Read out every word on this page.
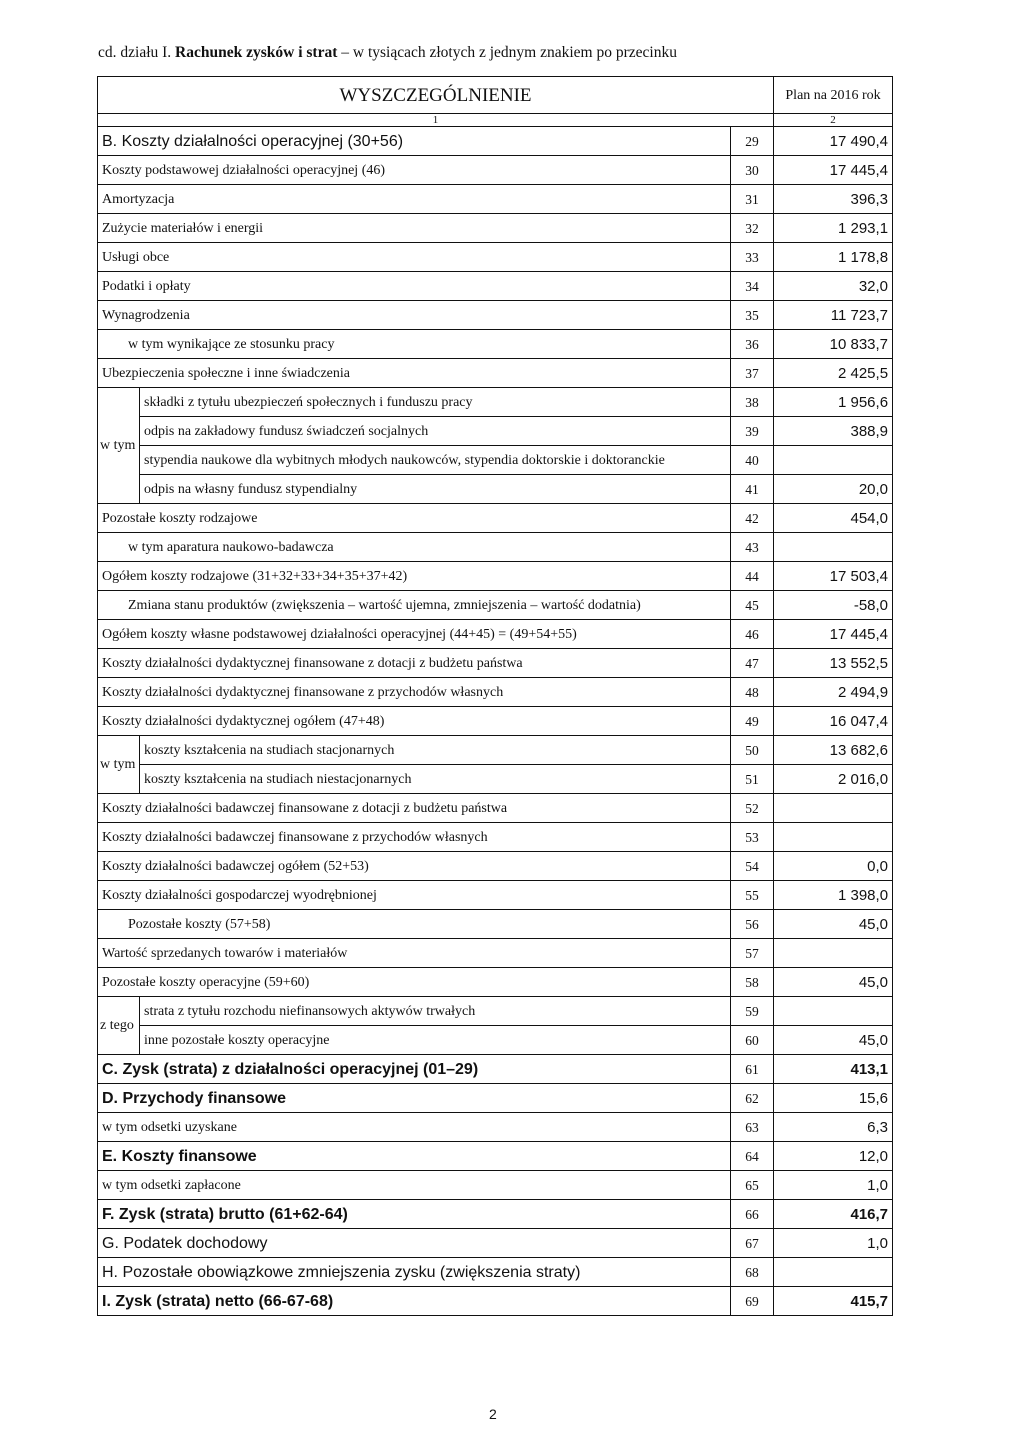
cd. działu I. Rachunek zysków i strat – w tysiącach złotych z jednym znakiem po przecinku
WYSZCZEGÓLNIENIE			Plan na 2016 rok
1			2
B. Koszty działalności operacyjnej (30+56)		29	17 490,4
Koszty podstawowej działalności operacyjnej (46)		30	17 445,4
Amortyzacja		31	396,3
Zużycie materiałów i energii		32	1 293,1
Usługi obce		33	1 178,8
Podatki i opłaty		34	32,0
Wynagrodzenia		35	11 723,7
w tym wynikające ze stosunku pracy		36	10 833,7
Ubezpieczenia społeczne i inne świadczenia		37	2 425,5
w tym	składki z tytułu ubezpieczeń społecznych i funduszu pracy	38	1 956,6
	odpis na zakładowy fundusz świadczeń socjalnych	39	388,9
	stypendia naukowe dla wybitnych młodych naukowców, stypendia doktorskie i doktoranckie	40	
	odpis na własny fundusz stypendialny	41	20,0
Pozostałe koszty rodzajowe		42	454,0
w tym aparatura naukowo-badawcza		43	
Ogółem koszty rodzajowe (31+32+33+34+35+37+42)		44	17 503,4
Zmiana stanu produktów (zwiększenia – wartość ujemna, zmniejszenia – wartość dodatnia)		45	-58,0
Ogółem koszty własne podstawowej działalności operacyjnej (44+45) = (49+54+55)		46	17 445,4
Koszty działalności dydaktycznej finansowane z dotacji z budżetu państwa		47	13 552,5
Koszty działalności dydaktycznej finansowane z przychodów własnych		48	2 494,9
Koszty działalności dydaktycznej ogółem (47+48)		49	16 047,4
w tym	koszty kształcenia na studiach stacjonarnych	50	13 682,6
	koszty kształcenia na studiach niestacjonarnych	51	2 016,0
Koszty działalności badawczej finansowane z dotacji z budżetu państwa		52	
Koszty działalności badawczej finansowane z przychodów własnych		53	
Koszty działalności badawczej ogółem (52+53)		54	0,0
Koszty działalności gospodarczej wyodrębnionej		55	1 398,0
Pozostałe koszty (57+58)		56	45,0
Wartość sprzedanych towarów i materiałów		57	
Pozostałe koszty operacyjne (59+60)		58	45,0
z tego	strata z tytułu rozchodu niefinansowych aktywów trwałych	59	
	inne pozostałe koszty operacyjne	60	45,0
C. Zysk (strata) z działalności operacyjnej (01–29)		61	413,1
D. Przychody finansowe		62	15,6
w tym odsetki uzyskane		63	6,3
E. Koszty finansowe		64	12,0
w tym odsetki zapłacone		65	1,0
F. Zysk (strata) brutto (61+62-64)		66	416,7
G. Podatek dochodowy		67	1,0
H. Pozostałe obowiązkowe zmniejszenia zysku (zwiększenia straty)		68	
I. Zysk (strata) netto (66-67-68)		69	415,7
2
